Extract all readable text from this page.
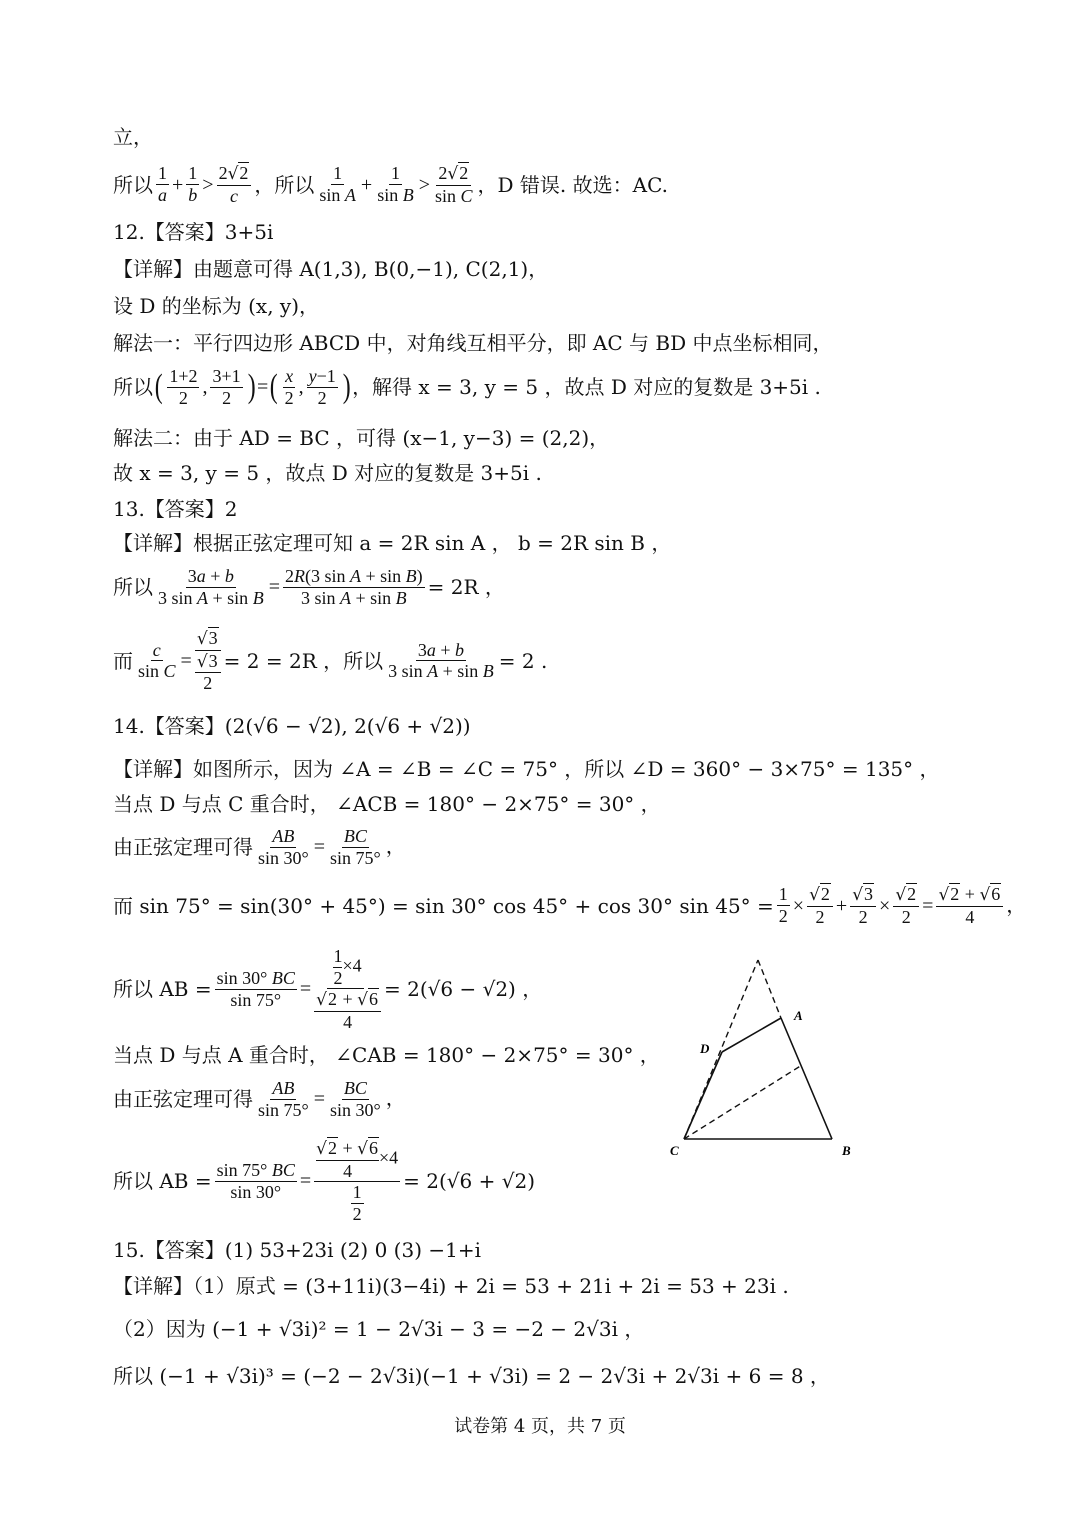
立，
所以 1
$a + \frac{1}{b}$ >
2√2
c ，所以 1
$\sin A + \frac{1}{\text{sin B}}$ >
2√2
sin C ，D 错误. 故选：AC.
12.【答案】3+5i
【详解】由题意可得 A(1,3), B(0,−1), C(2,1)，
设 D 的坐标为 (x, y)，
解法一：平行四边形 ABCD 中，对角线互相平分，即 AC 与 BD 中点坐标相同，
所以 ( 1+2
2 ,
3+1
2 ) = ( x
2 ,
y−1
2 ) ，解得 x = 3, y = 5 ，故点 D 对应的复数是 3+5i .
解法二：由于 AD = BC ，可得 (x−1, y−3) = (2,2)，
故 x = 3, y = 5 ，故点 D 对应的复数是 3+5i .
13.【答案】2
【详解】根据正弦定理可知 a = 2R sin A ， b = 2R sin B ，
所以 $\frac{3a + b}{\text{3 sin A + sin B}} = \frac{\text{2R(3 sin A + sin B)}}{\text{3 sin A + sin B}} = 2R$ ，
而 $\frac{c}{\text{sin C}}$ =
√3
√3
2
= 2 = 2R ，所以 $\frac{3a + b}{\text{3 sin A + sin B}} = 2$ .
14.【答案】(2(√6 − √2), 2(√6 + √2))
【详解】如图所示，因为 ∠A = ∠B = ∠C = 75° ，所以 ∠D = 360° − 3×75° = 135° ，
当点 D 与点 C 重合时， ∠ACB = 180° − 2×75° = 30° ，
由正弦定理可得 $\frac{AB}{\sin 30^\circ} = \frac{BC}{\sin 75^\circ}$ ，
而 sin 75° = sin(30° + 45°) = sin 30° cos 45° + cos 30° $\sin 45^\circ = \frac{1}{2} \times \frac{√2}{2} + \frac{√3}{2} \times \frac{√2}{2} = \frac{√2 + √6}{4}$ ，
所以 AB = $\frac{\sin 30^\circ BC}{\sin 75^\circ}$ =
$\frac{1}{2} \times 4$
√2 + √6
4
= 2(√6 − √2) ，
当点 D 与点 A 重合时， ∠CAB = 180° − 2×75° = 30° ，
由正弦定理可得 $\frac{AB}{\sin 75^\circ} = \frac{BC}{\sin 30^\circ}$ ，
所以 AB = $\frac{\sin 75^\circ BC}{\sin 30^\circ}$ =
$\frac{√2 + √6}{4} \times 4$
1
2
= 2(√6 + √2)
15.【答案】(1) 53+23i (2) 0 (3) −1+i
【详解】（1）原式 = (3+11i)(3−4i) + 2i = 53 + 21i + 2i = 53 + 23i .
（2）因为 (−1 + √3i)² = 1 − 2√3i − 3 = −2 − 2√3i ，
所以 (−1 + √3i)³ = (−2 − 2√3i)(−1 + √3i) = 2 − 2√3i + 2√3i + 6 = 8 ，
A
B
C
D
试卷第 4 页，共 7 页
